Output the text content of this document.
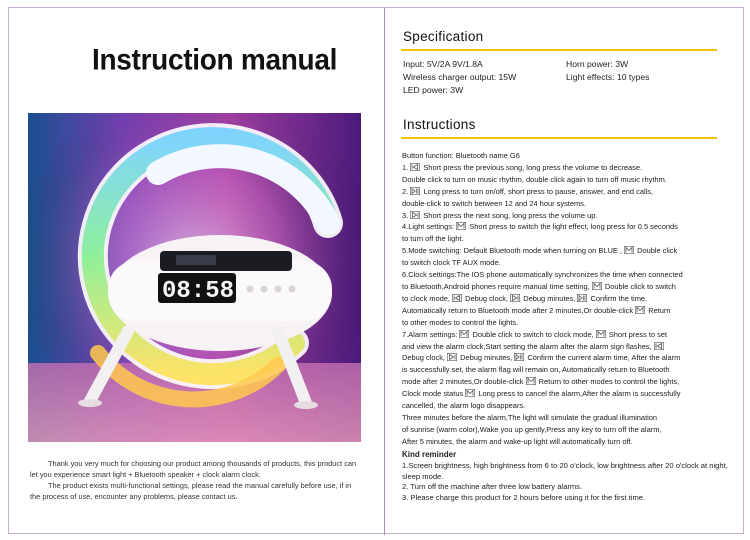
Instruction manual
08:58

Thank you very much for choosing our product among thousands of products, this product can let you experience smart light + Bluetooth speaker + clock alarm clock.

The product exists multi-functional settings, please read the manual carefully before use, if in the process of use, encounter any problems, please contact us.

Specification
Input: 5V/2A 9V/1.8A	Horn power: 3W
Wireless charger output: 15W	Light effects: 10 types
LED power: 3W
Instructions
Button function: Bluetooth name G6
1.
Short press the previous song, long press the volume to decrease.
Double click to turn on music rhythm, double click again to turn off music rhythm.
2.
Long press to turn on/off, short press to pause, answer, and end calls,
double-click to switch between 12 and 24 hour systems.
3.
Short press the next song, long press the volume up.
4.Light settings:
Short press to switch the light effect, long press for 0.5 seconds
to turn off the light.
5.Mode switching: Default Bluetooth mode when turning on BLUE ,
Double click
to switch clock TF AUX mode.
6.Clock settings:The IOS phone automatically synchronizes the time when connected
to Bluetooth,Android phones require manual time setting,
Double click to switch
to clock mode,
Debug clock,
Debug minutes,
Confirm the time.
Automatically return to Bluetooth mode after 2 minutes,Or double-click
Return
to other modes to control the lights.
7.Alarm settings:
Double click to switch to clock mode,
Short press to set
and view the alarm clock,Start setting the alarm after the alarm sign flashes,
Debug clock,
Debug minutes,
Confirm the current alarm time, After the alarm
is successfully set, the alarm flag will remain on, Automatically return to Bluetooth
mode after 2 minutes,Or double-click
Return to other modes to control the lights,
Clock mode status
Long press to cancel the alarm,After the alarm is successfully
cancelled, the alarm logo disappears.
Three minutes before the alarm,The light will simulate the gradual illumination
of sunrise (warm color),Wake you up gently,Press any key to turn off the alarm,
After 5 minutes, the alarm and wake-up light will automatically turn off.
Kind reminder
1.Screen brightness, high brightness from 6 to 20 o'clock, low brightness after 20 o'clock at night, sleep mode.
2. Turn off the machine after three low battery alarms.
3. Please charge this product for 2 hours before using it for the first time.
